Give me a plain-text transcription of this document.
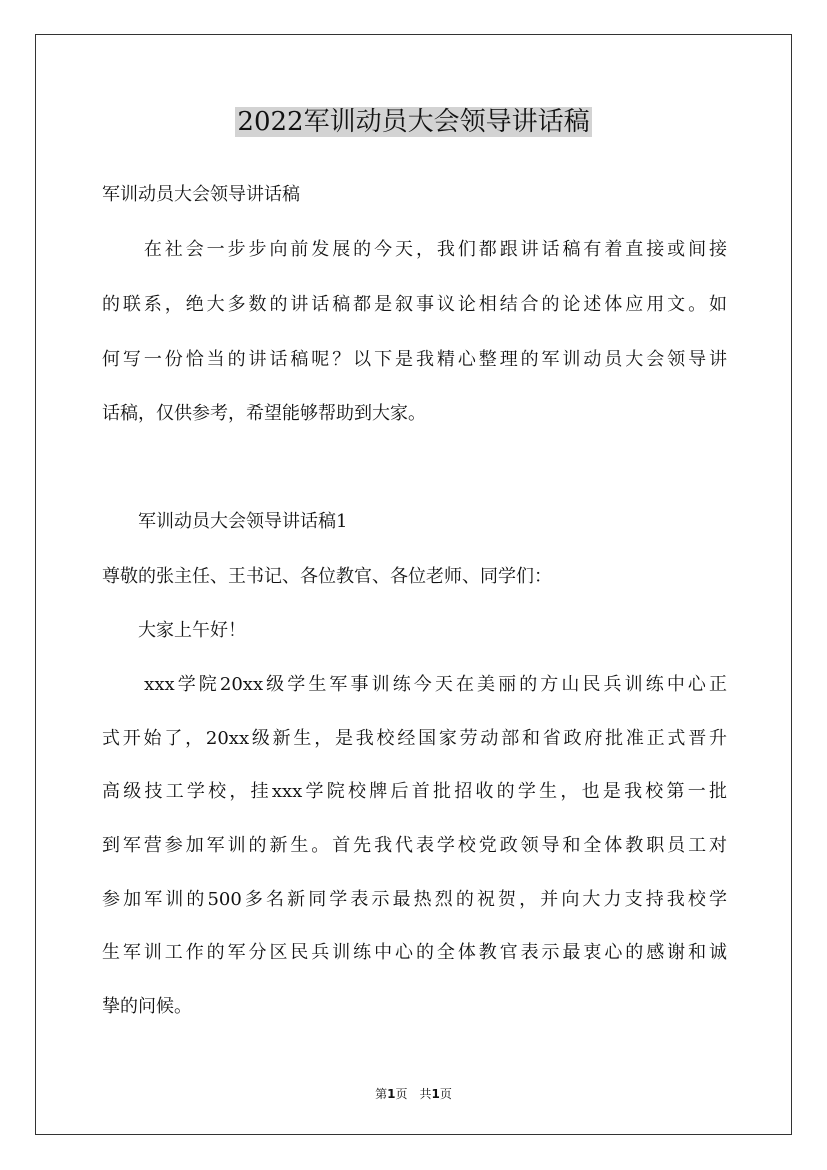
2022军训动员大会领导讲话稿
军训动员大会领导讲话稿
　　在社会一步步向前发展的今天，我们都跟讲话稿有着直接或间接
的联系，绝大多数的讲话稿都是叙事议论相结合的论述体应用文。如
何写一份恰当的讲话稿呢？以下是我精心整理的军训动员大会领导讲
话稿，仅供参考，希望能够帮助到大家。
　　军训动员大会领导讲话稿1
尊敬的张主任、王书记、各位教官、各位老师、同学们：
　　大家上午好！
　　xxx学院20xx级学生军事训练今天在美丽的方山民兵训练中心正
式开始了，20xx级新生，是我校经国家劳动部和省政府批准正式晋升
高级技工学校，挂xxx学院校牌后首批招收的学生，也是我校第一批
到军营参加军训的新生。首先我代表学校党政领导和全体教职员工对
参加军训的500多名新同学表示最热烈的祝贺，并向大力支持我校学
生军训工作的军分区民兵训练中心的全体教官表示最衷心的感谢和诚
挚的问候。
第1页　共1页
